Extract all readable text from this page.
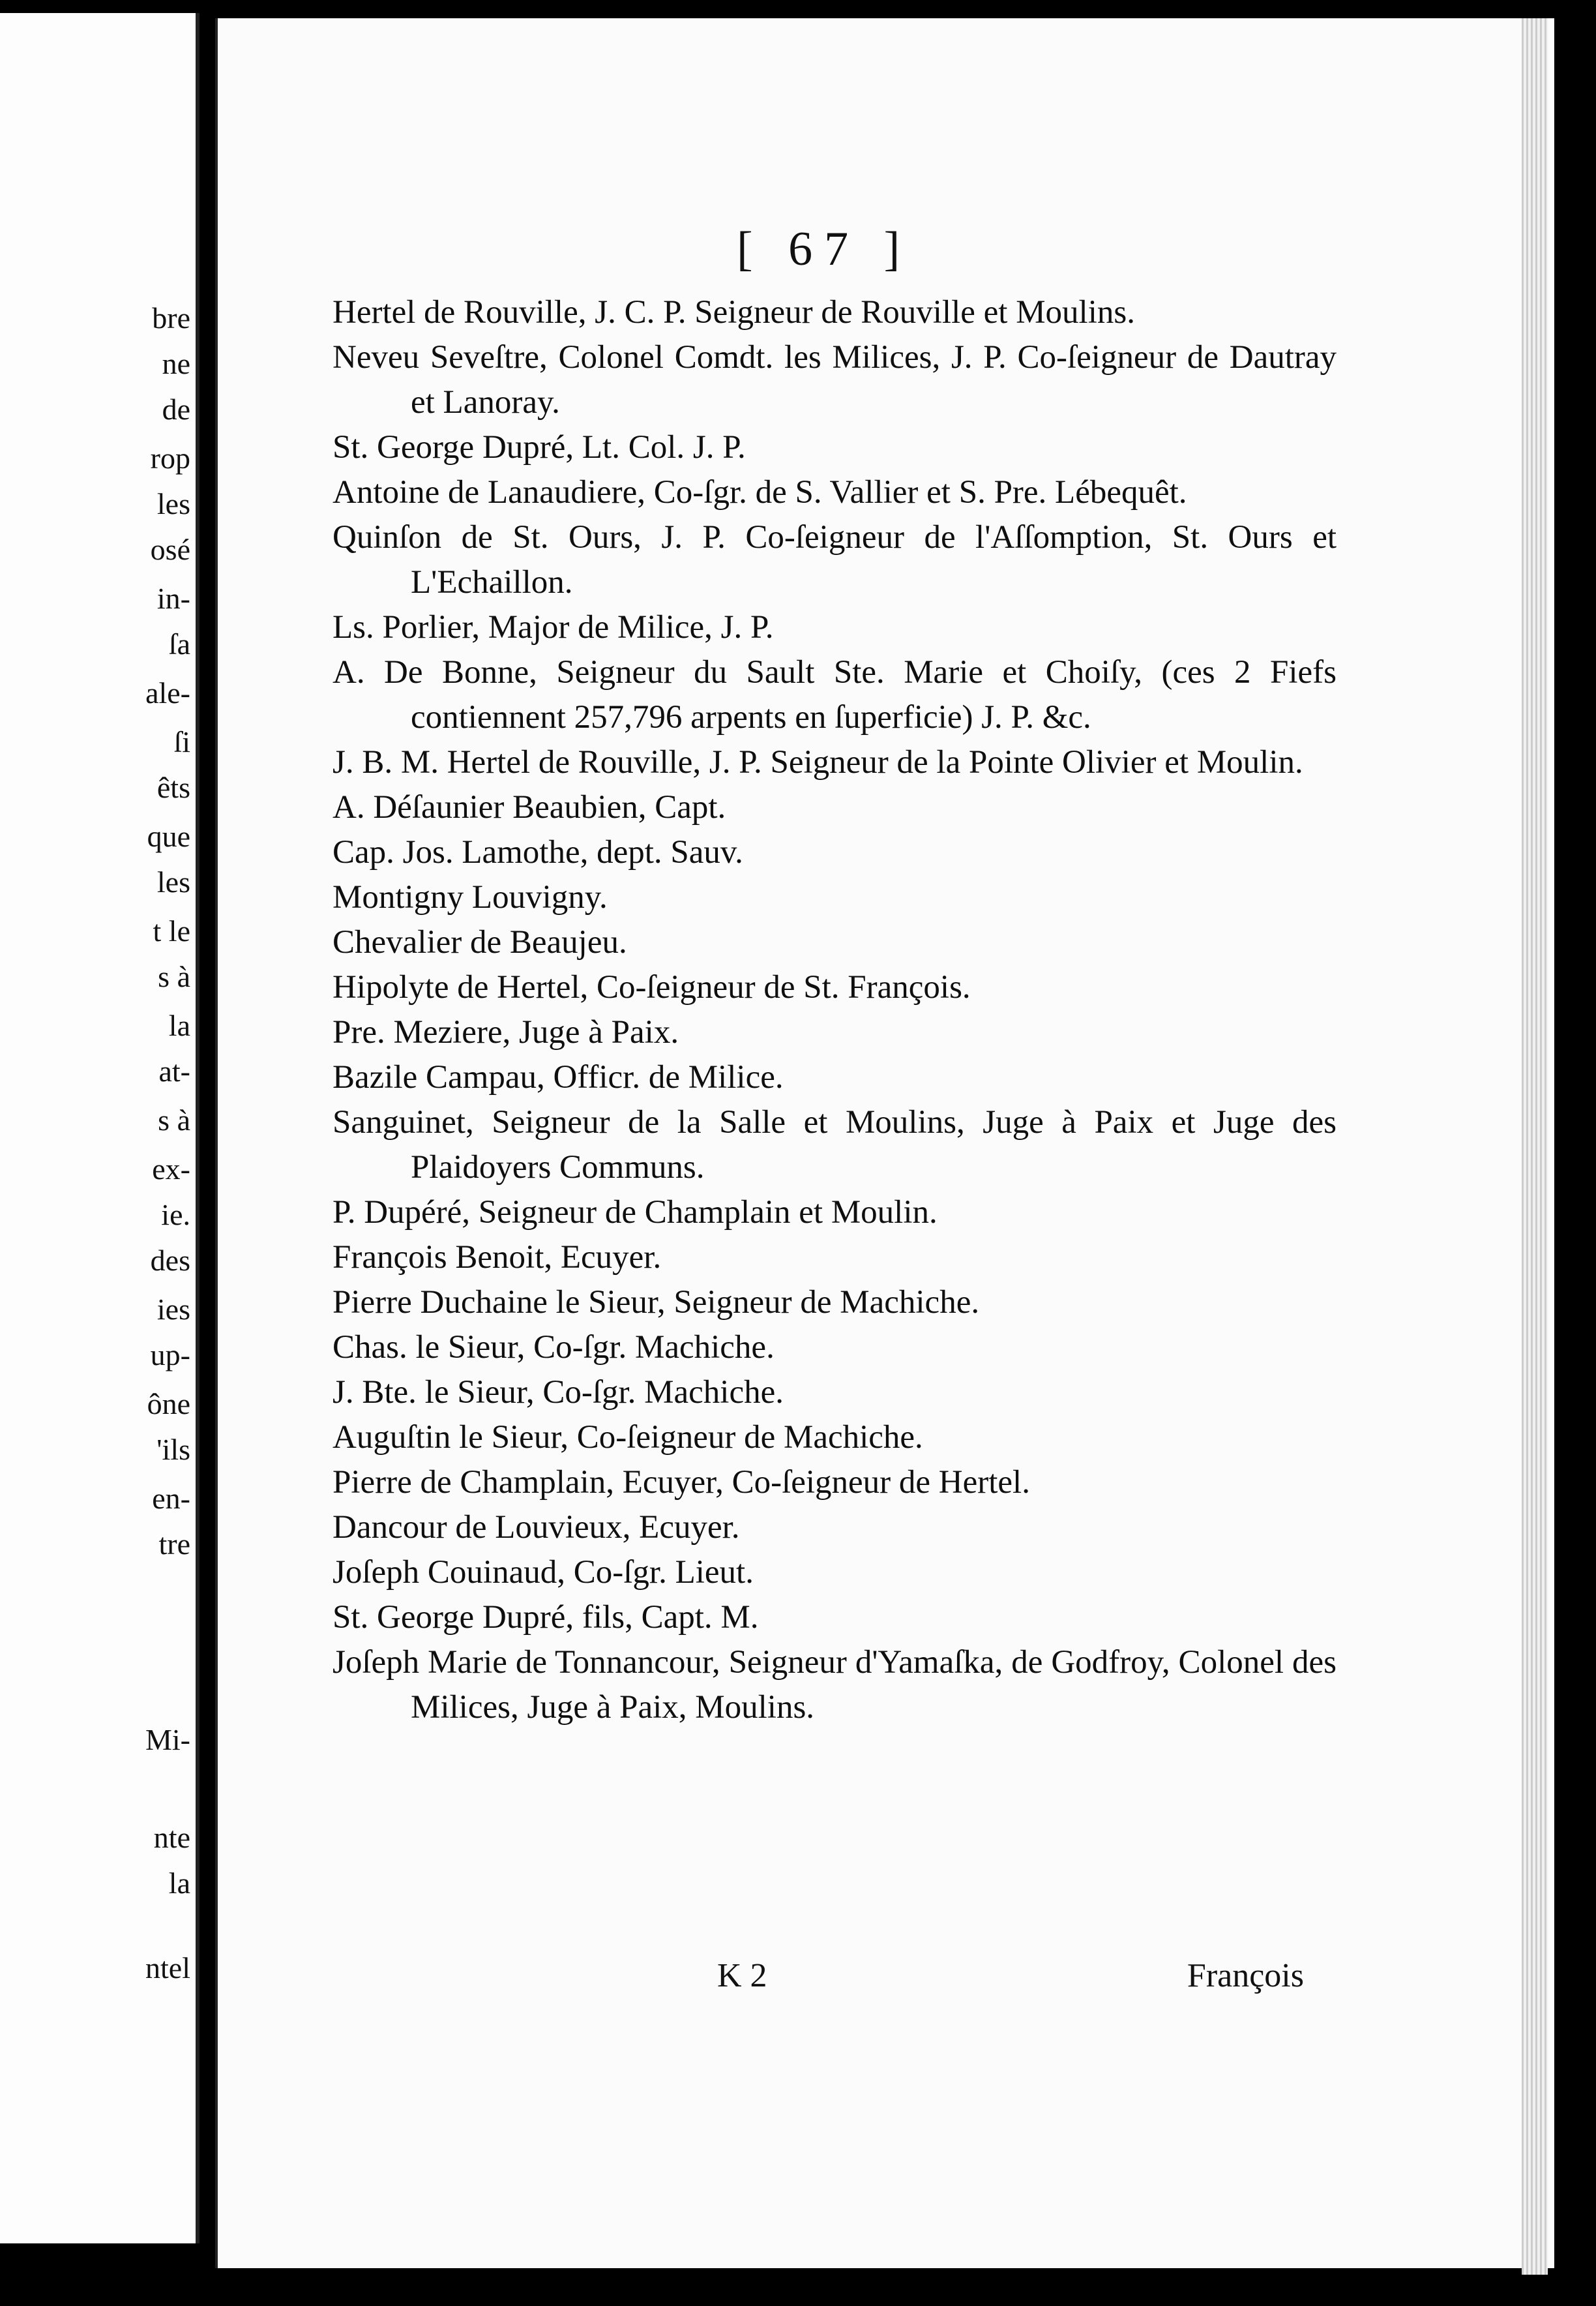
bre
ne
de
rop
les
osé
in-
ſa
ale-
ſi
êts
que
les
t le
s à
la
at-
s à
ex-
ie.
des
ies
up-
ône
'ils
en-
tre
Mi-
nte
la
ntel
[ 67 ]

Hertel de Rouville, J. C. P. Seigneur de Rouville et Moulins.

Neveu Seveſtre, Colonel Comdt. les Milices, J. P. Co-ſeigneur de Dautray et Lanoray.

St. George Dupré, Lt. Col. J. P.

Antoine de Lanaudiere, Co-ſgr. de S. Vallier et S. Pre. Lébequêt.

Quinſon de St. Ours, J. P. Co-ſeigneur de l'Aſſomption, St. Ours et L'Echaillon.

Ls. Porlier, Major de Milice, J. P.

A. De Bonne, Seigneur du Sault Ste. Marie et Choiſy, (ces 2 Fiefs contiennent 257,796 arpents en ſuperficie) J. P. &c.

J. B. M. Hertel de Rouville, J. P. Seigneur de la Pointe Olivier et Moulin.

A. Déſaunier Beaubien, Capt.

Cap. Jos. Lamothe, dept. Sauv.

Montigny Louvigny.

Chevalier de Beaujeu.

Hipolyte de Hertel, Co-ſeigneur de St. François.

Pre. Meziere, Juge à Paix.

Bazile Campau, Officr. de Milice.

Sanguinet, Seigneur de la Salle et Moulins, Juge à Paix et Juge des Plaidoyers Communs.

P. Dupéré, Seigneur de Champlain et Moulin.

François Benoit, Ecuyer.

Pierre Duchaine le Sieur, Seigneur de Machiche.

Chas. le Sieur, Co-ſgr. Machiche.

J. Bte. le Sieur, Co-ſgr. Machiche.

Auguſtin le Sieur, Co-ſeigneur de Machiche.

Pierre de Champlain, Ecuyer, Co-ſeigneur de Hertel.

Dancour de Louvieux, Ecuyer.

Joſeph Couinaud, Co-ſgr. Lieut.

St. George Dupré, fils, Capt. M.

Joſeph Marie de Tonnancour, Seigneur d'Yamaſka, de Godfroy, Colonel des Milices, Juge à Paix, Moulins.

K 2	François
